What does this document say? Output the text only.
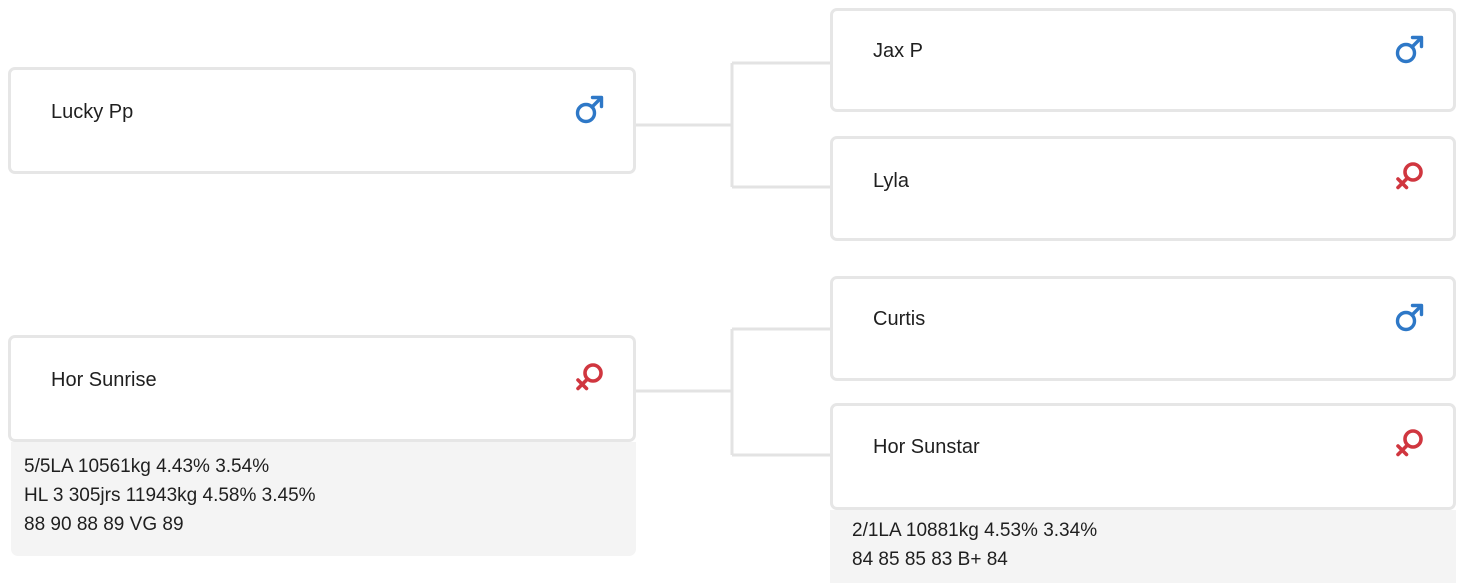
Lucky Pp
Hor Sunrise
5/5LA 10561kg 4.43% 3.54%
HL 3 305jrs 11943kg 4.58% 3.45%
88 90 88 89 VG 89
Jax P
Lyla
Curtis
Hor Sunstar
2/1LA 10881kg 4.53% 3.34%
84 85 85 83 B+ 84
